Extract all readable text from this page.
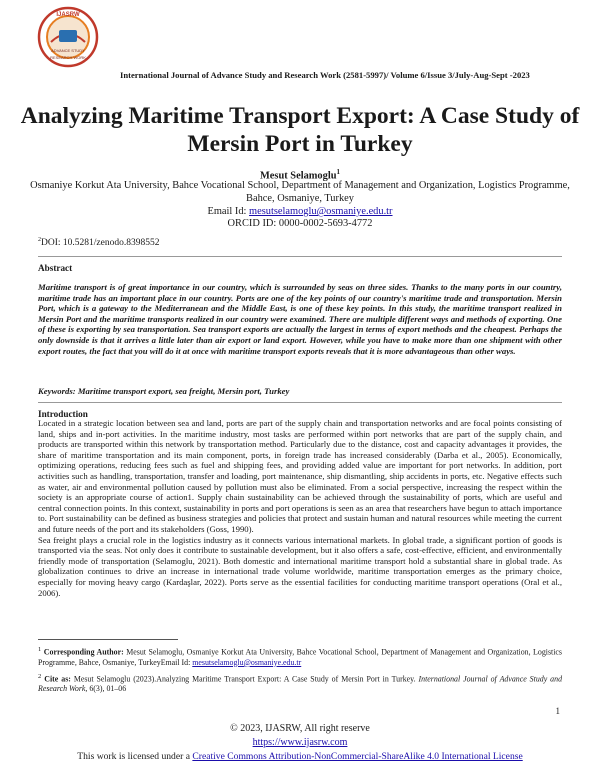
IJASRW
ADVANCE STUDY
RESEARCH WORK
International Journal of Advance Study and Research Work (2581-5997)/ Volume 6/Issue 3/July-Aug-Sept -2023
Analyzing Maritime Transport Export: A Case Study of
Mersin Port in Turkey
Mesut Selamoglu$^1$
Osmaniye Korkut Ata University, Bahce Vocational School, Department of Management and Organization, Logistics Programme, Bahce, Osmaniye, Turkey
Email Id: mesutselamoglu@osmaniye.edu.tr
ORCID ID: 0000-0002-5693-4772
$^2$DOI: 10.5281/zenodo.8398552
Abstract
Maritime transport is of great importance in our country, which is surrounded by seas on three sides. Thanks to the many ports in our country, maritime trade has an important place in our country. Ports are one of the key points of our country's maritime trade and transportation. Mersin Port, which is a gateway to the Mediterranean and the Middle East, is one of these key points. In this study, the maritime transport realized in Mersin Port and the maritime transports realized in our country were examined. There are multiple different ways and methods of exporting. One of these is exporting by sea transportation. Sea transport exports are actually the largest in terms of export methods and the cheapest. Perhaps the only downside is that it arrives a little later than air export or land export. However, while you have to make more than one shipment with other export routes, the fact that you will do it at once with maritime transport exports reveals that it is more advantageous than other ways.
Keywords: Maritime transport export, sea freight, Mersin port, Turkey
Introduction

Located in a strategic location between sea and land, ports are part of the supply chain and transportation networks and are focal points consisting of land, ships and in-port activities. In the maritime industry, most tasks are performed within port networks that are part of the supply chain, and products are transported within this network by transportation method. Particularly due to the distance, cost and capacity advantages it provides, the share of maritime transportation and its main component, ports, in foreign trade has increased considerably (Darba et al., 2005). Economically, optimizing operations, reducing fees such as fuel and shipping fees, and providing added value are important for port networks. In addition, port activities such as handling, transportation, transfer and loading, port maintenance, ship dismantling, ship accidents in ports, etc. Negative effects such as water, air and environmental pollution caused by pollution must also be eliminated. From a social perspective, increasing the respect within the society is an appropriate course of action1. Supply chain sustainability can be achieved through the sustainability of ports, which are useful and central connection points. In this context, sustainability in ports and port operations is seen as an area that researchers have begun to attach importance to. Port sustainability can be defined as business strategies and policies that protect and sustain human and natural resources while meeting the current and future needs of the port and its stakeholders (Goss, 1990).

Sea freight plays a crucial role in the logistics industry as it connects various international markets. In global trade, a significant portion of goods is transported via the seas. Not only does it contribute to sustainable development, but it also offers a safe, cost-effective, efficient, and environmentally friendly mode of transportation (Selamoglu, 2021). Both domestic and international maritime transport hold a substantial share in global trade. As globalization continues to drive an increase in international trade volume worldwide, maritime transportation emerges as the primary choice, especially for moving heavy cargo (Kardaşlar, 2022). Ports serve as the essential facilities for conducting maritime transport operations (Oral et al., 2006).

$^1$ Corresponding Author: Mesut Selamoglu, Osmaniye Korkut Ata University, Bahce Vocational School, Department of Management and Organization, Logistics Programme, Bahce, Osmaniye, TurkeyEmail Id: mesutselamoglu@osmaniye.edu.tr

$^2$ Cite as: Mesut Selamoglu (2023).Analyzing Maritime Transport Export: A Case Study of Mersin Port in Turkey. International Journal of Advance Study and Research Work, 6(3), 01–06

1
© 2023, IJASRW, All right reserve
https://www.ijasrw.com
This work is licensed under a Creative Commons Attribution-NonCommercial-ShareAlike 4.0 International License
